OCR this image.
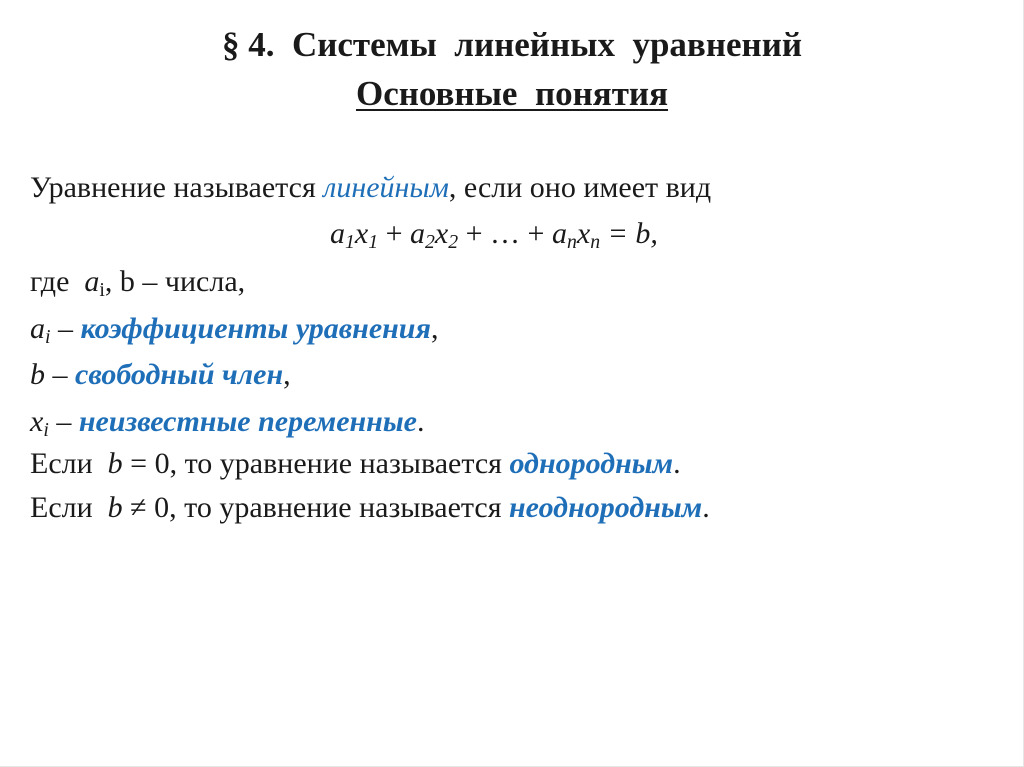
§ 4.  Системы  линейных  уравнений
Основные  понятия
Уравнение называется линейным, если оно имеет вид
$a_1x_1 + a_2x_2$ + … + $a_nx_n = b$,
где  $a_i$, b – числа,
$a_i$ – коэффициенты уравнения,
b – свободный член,
$x_i$ – неизвестные переменные.
Если  b = 0, то уравнение называется однородным.
Если  b ≠ 0, то уравнение называется неоднородным.
